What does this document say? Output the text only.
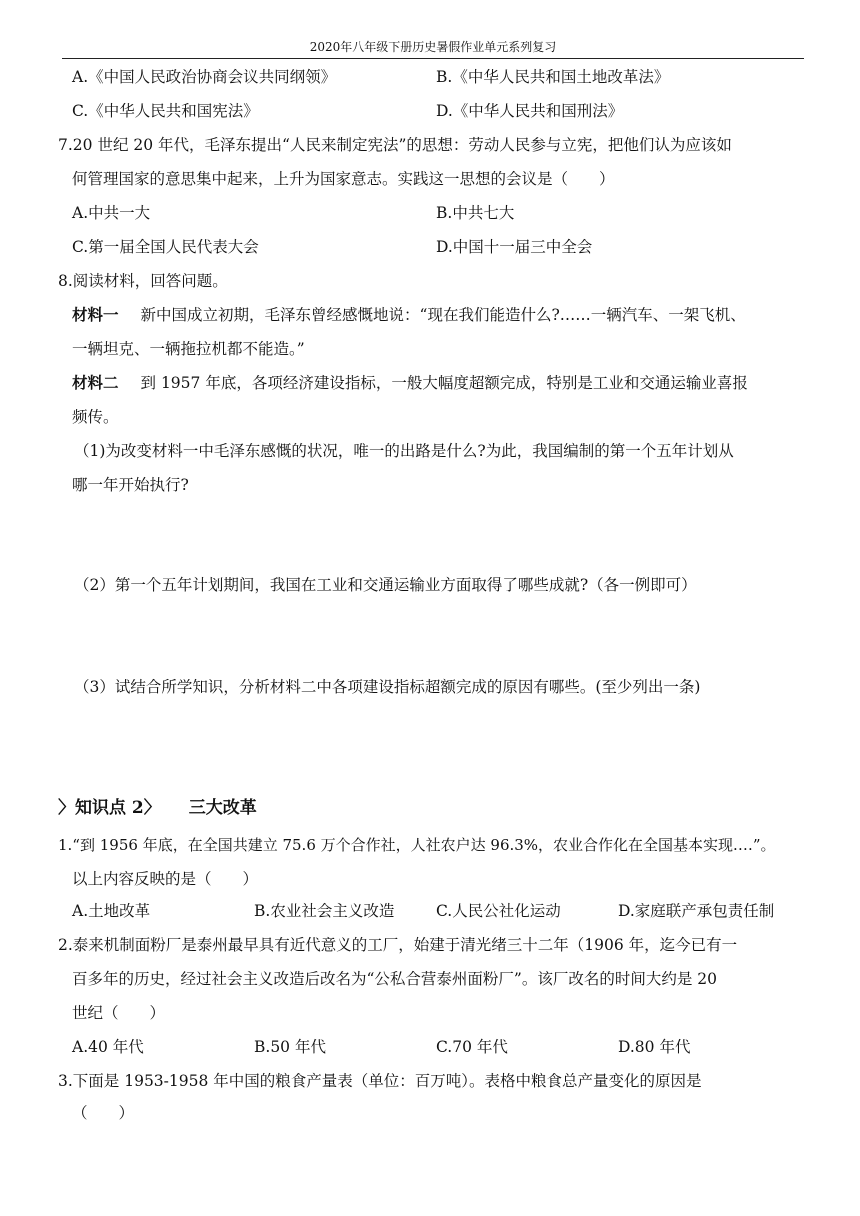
2020年八年级下册历史暑假作业单元系列复习
A.《中国人民政治协商会议共同纲领》	B.《中华人民共和国土地改革法》
C.《中华人民共和国宪法》	D.《中华人民共和国刑法》
7.20 世纪 20 年代，毛泽东提出“人民来制定宪法”的思想：劳动人民参与立宪，把他们认为应该如
何管理国家的意思集中起来，上升为国家意志。实践这一思想的会议是（　　）
A.中共一大	B.中共七大
C.第一届全国人民代表大会	D.中国十一届三中全会
8.阅读材料，回答问题。
材料一 新中国成立初期，毛泽东曾经感慨地说：“现在我们能造什么?……一辆汽车、一架飞机、
一辆坦克、一辆拖拉机都不能造。”
材料二 到 1957 年底，各项经济建设指标，一般大幅度超额完成，特别是工业和交通运输业喜报
频传。
（1)为改变材料一中毛泽东感慨的状况，唯一的出路是什么?为此，我国编制的第一个五年计划从
哪一年开始执行?
（2）第一个五年计划期间，我国在工业和交通运输业方面取得了哪些成就?（各一例即可）
（3）试结合所学知识，分析材料二中各项建设指标超额完成的原因有哪些。(至少列出一条)
〉知识点 2〉 三大改革
1.“到 1956 年底，在全国共建立 75.6 万个合作社，人社农户达 96.3%，农业合作化在全国基本实现.…”。
以上内容反映的是（　　）
A.土地改革	B.农业社会主义改造	C.人民公社化运动	D.家庭联产承包责任制
2.泰来机制面粉厂是泰州最早具有近代意义的工厂，始建于清光绪三十二年（1906 年，迄今已有一
百多年的历史，经过社会主义改造后改名为“公私合营泰州面粉厂”。该厂改名的时间大约是 20
世纪（　　）
A.40 年代	B.50 年代	C.70 年代	D.80 年代
3.下面是 1953-1958 年中国的粮食产量表（单位：百万吨）。表格中粮食总产量变化的原因是
（　　）
